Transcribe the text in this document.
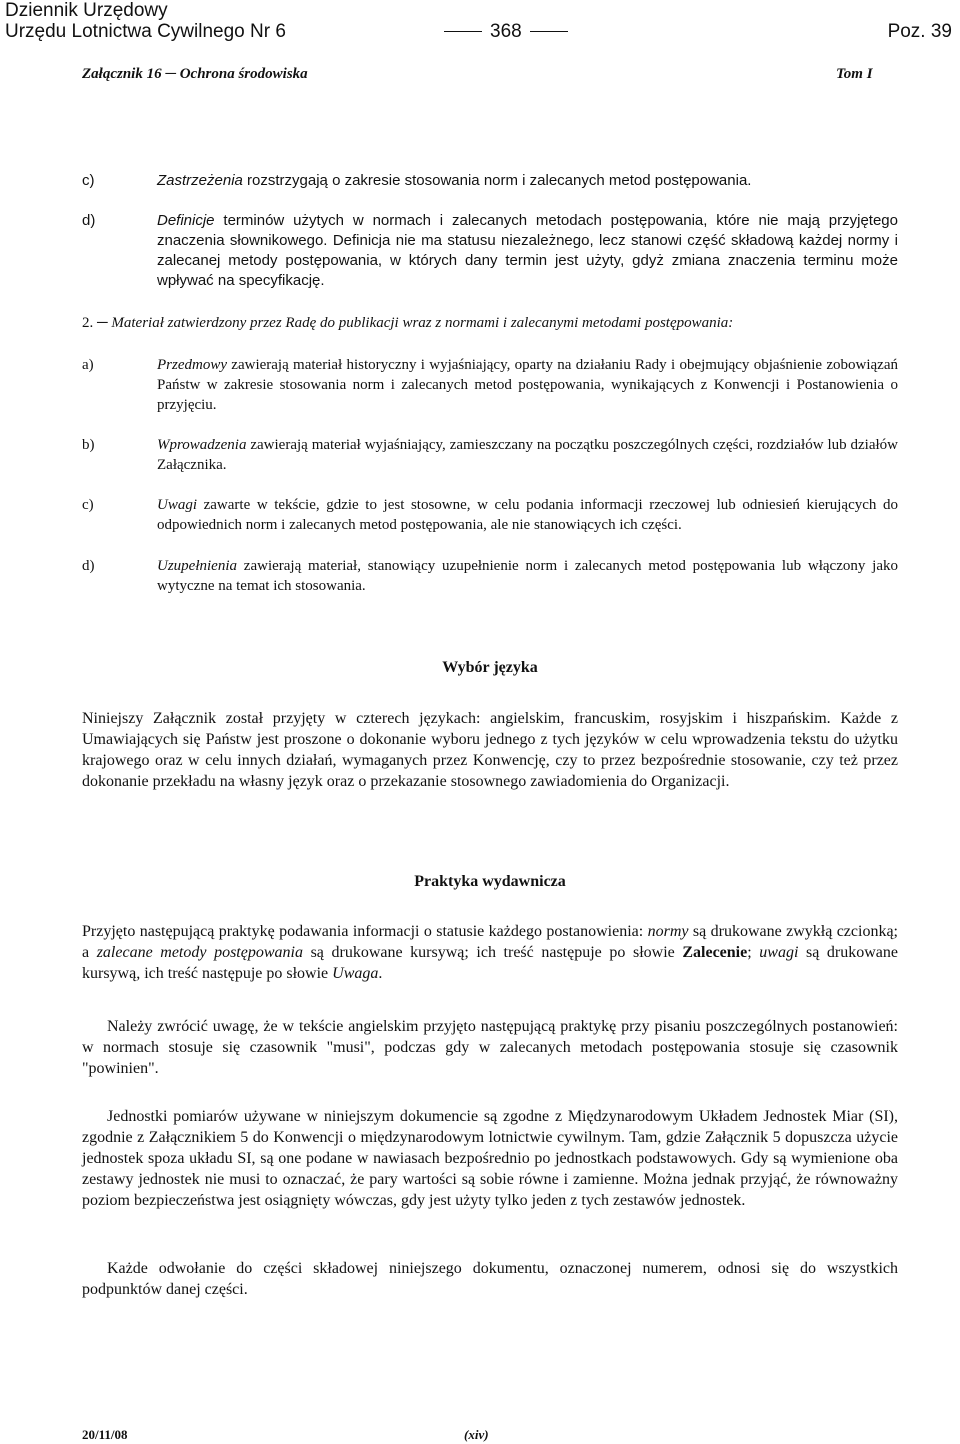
Dziennik Urzędowy
Urzędu Lotnictwa Cywilnego Nr 6	368	Poz. 39
Załącznik 16 ─ Ochrona środowiska	Tom I
c)	Zastrzeżenia rozstrzygają o zakresie stosowania norm i zalecanych metod postępowania.
d)	Definicje terminów użytych w normach i zalecanych metodach postępowania, które nie mają przyjętego znaczenia słownikowego. Definicja nie ma statusu niezależnego, lecz stanowi część składową każdej normy i zalecanej metody postępowania, w których dany termin jest użyty, gdyż zmiana znaczenia terminu może wpływać na specyfikację.
2. ─ Materiał zatwierdzony przez Radę do publikacji wraz z normami i zalecanymi metodami postępowania:
a)	Przedmowy zawierają materiał historyczny i wyjaśniający, oparty na działaniu Rady i obejmujący objaśnienie zobowiązań Państw w zakresie stosowania norm i zalecanych metod postępowania, wynikających z Konwencji i Postanowienia o przyjęciu.
b)	Wprowadzenia zawierają materiał wyjaśniający, zamieszczany na początku poszczególnych części, rozdziałów lub działów Załącznika.
c)	Uwagi zawarte w tekście, gdzie to jest stosowne, w celu podania informacji rzeczowej lub odniesień kierujących do odpowiednich norm i zalecanych metod postępowania, ale nie stanowiących ich części.
d)	Uzupełnienia zawierają materiał, stanowiący uzupełnienie norm i zalecanych metod postępowania lub włączony jako wytyczne na temat ich stosowania.
Wybór języka
Niniejszy Załącznik został przyjęty w czterech językach: angielskim, francuskim, rosyjskim i hiszpańskim. Każde z Umawiających się Państw jest proszone o dokonanie wyboru jednego z tych języków w celu wprowadzenia tekstu do użytku krajowego oraz w celu innych działań, wymaganych przez Konwencję, czy to przez bezpośrednie stosowanie, czy też przez dokonanie przekładu na własny język oraz o przekazanie stosownego zawiadomienia do Organizacji.
Praktyka wydawnicza
Przyjęto następującą praktykę podawania informacji o statusie każdego postanowienia: normy są drukowane zwykłą czcionką; a zalecane metody postępowania są drukowane kursywą; ich treść następuje po słowie Zalecenie; uwagi są drukowane kursywą, ich treść następuje po słowie Uwaga.
Należy zwrócić uwagę, że w tekście angielskim przyjęto następującą praktykę przy pisaniu poszczególnych postanowień: w normach stosuje się czasownik "musi", podczas gdy w zalecanych metodach postępowania stosuje się czasownik "powinien".
Jednostki pomiarów używane w niniejszym dokumencie są zgodne z Międzynarodowym Układem Jednostek Miar (SI), zgodnie z Załącznikiem 5 do Konwencji o międzynarodowym lotnictwie cywilnym. Tam, gdzie Załącznik 5 dopuszcza użycie jednostek spoza układu SI, są one podane w nawiasach bezpośrednio po jednostkach podstawowych. Gdy są wymienione oba zestawy jednostek nie musi to oznaczać, że pary wartości są sobie równe i zamienne. Można jednak przyjąć, że równoważny poziom bezpieczeństwa jest osiągnięty wówczas, gdy jest użyty tylko jeden z tych zestawów jednostek.
Każde odwołanie do części składowej niniejszego dokumentu, oznaczonej numerem, odnosi się do wszystkich podpunktów danej części.
20/11/08	(xiv)
